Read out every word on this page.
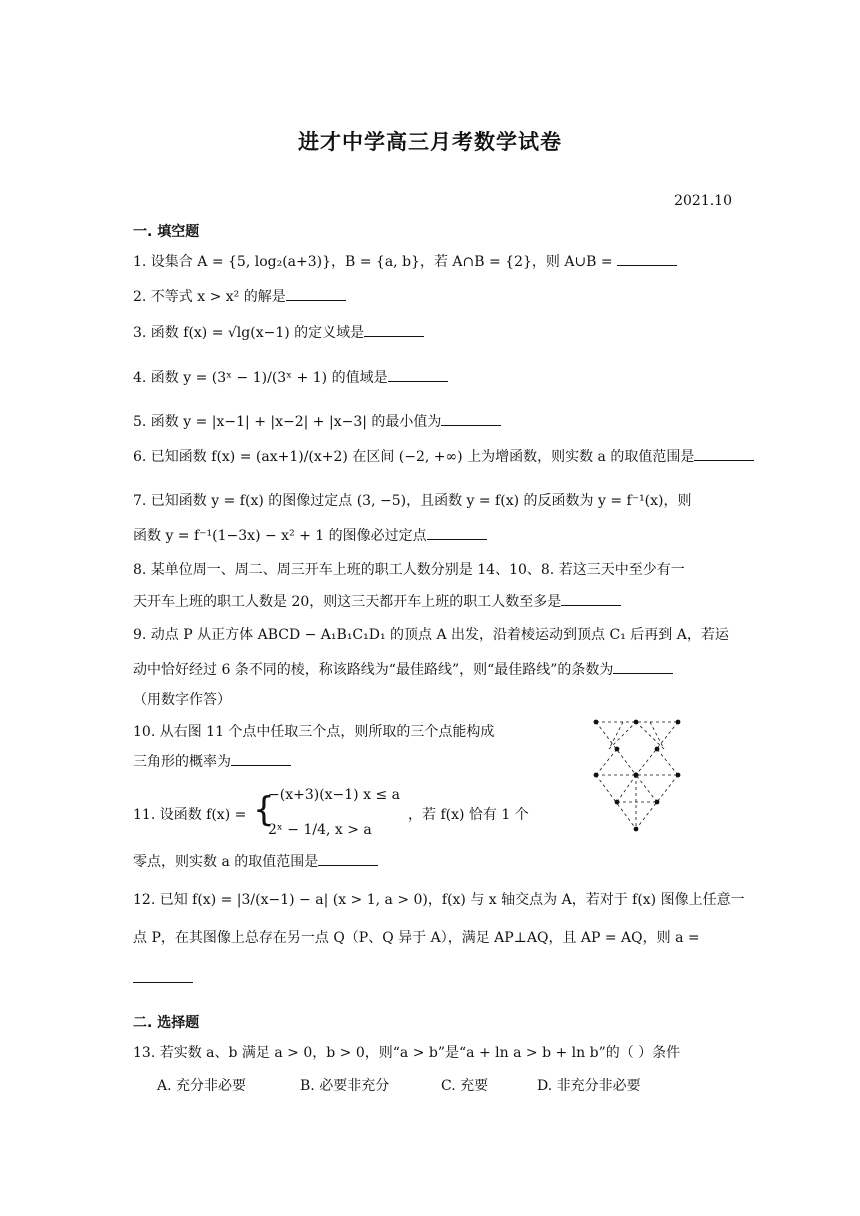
进才中学高三月考数学试卷
2021.10
一. 填空题
1. 设集合 A = {5, log₂(a+3)}，B = {a, b}，若 A∩B = {2}，则 A∪B =
2. 不等式 x > x² 的解是
3. 函数 f(x) = √lg(x−1) 的定义域是
4. 函数 y = (3ˣ − 1)/(3ˣ + 1) 的值域是
5. 函数 y = |x−1| + |x−2| + |x−3| 的最小值为
6. 已知函数 f(x) = (ax+1)/(x+2) 在区间 (−2, +∞) 上为增函数，则实数 a 的取值范围是
7. 已知函数 y = f(x) 的图像过定点 (3, −5)，且函数 y = f(x) 的反函数为 y = f⁻¹(x)，则
函数 y = f⁻¹(1−3x) − x² + 1 的图像必过定点
8. 某单位周一、周二、周三开车上班的职工人数分别是 14、10、8. 若这三天中至少有一
天开车上班的职工人数是 20，则这三天都开车上班的职工人数至多是
9. 动点 P 从正方体 ABCD − A₁B₁C₁D₁ 的顶点 A 出发，沿着棱运动到顶点 C₁ 后再到 A，若运
动中恰好经过 6 条不同的棱，称该路线为“最佳路线”，则“最佳路线”的条数为
（用数字作答）
10. 从右图 11 个点中任取三个点，则所取的三个点能构成
三角形的概率为
11. 设函数 f(x) = {
−(x+3)(x−1) x ≤ a
2ˣ − 1/4, x > a
，若 f(x) 恰有 1 个
零点，则实数 a 的取值范围是
12. 已知 f(x) = |3/(x−1) − a| (x > 1, a > 0)，f(x) 与 x 轴交点为 A，若对于 f(x) 图像上任意一
点 P，在其图像上总存在另一点 Q（P、Q 异于 A），满足 AP⊥AQ，且 AP = AQ，则 a =
二. 选择题
13. 若实数 a、b 满足 a > 0，b > 0，则“a > b”是“a + ln a > b + ln b”的（ ）条件
A. 充分非必要	B. 必要非充分	C. 充要	D. 非充分非必要
